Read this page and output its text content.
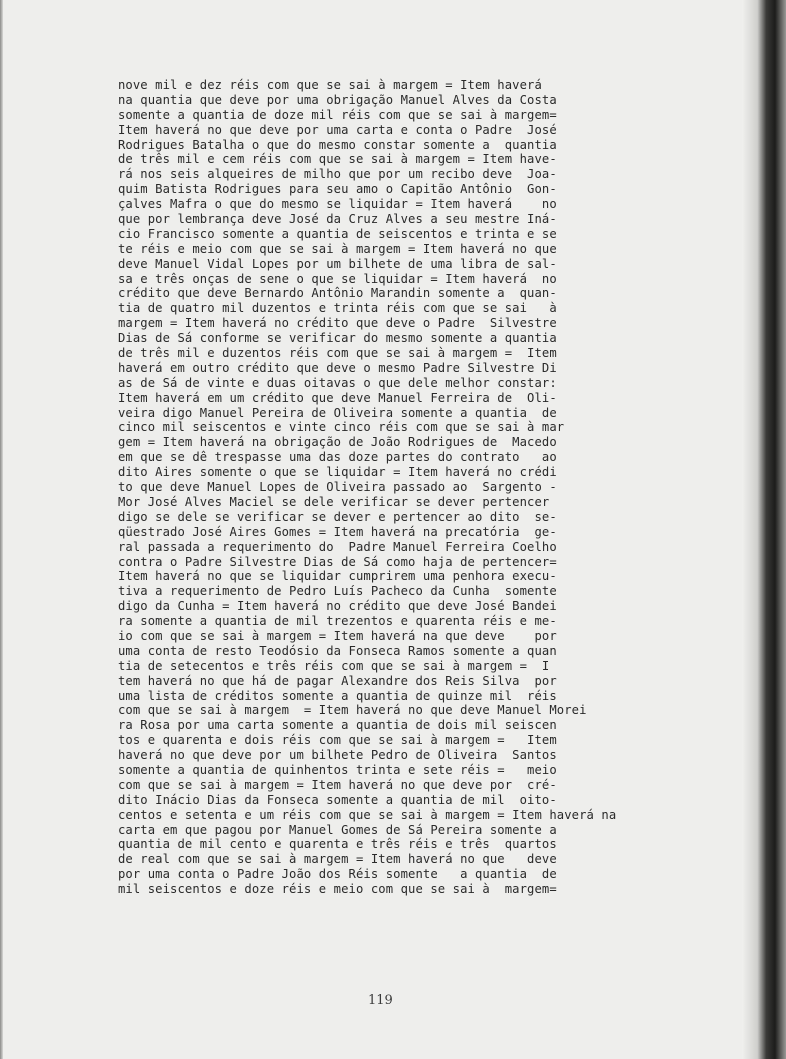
nove mil e dez réis com que se sai à margem = Item haverá
na quantia que deve por uma obrigação Manuel Alves da Costa
somente a quantia de doze mil réis com que se sai à margem=
Item haverá no que deve por uma carta e conta o Padre  José
Rodrigues Batalha o que do mesmo constar somente a  quantia
de três mil e cem réis com que se sai à margem = Item have-
rá nos seis alqueires de milho que por um recibo deve  Joa-
quim Batista Rodrigues para seu amo o Capitão Antônio  Gon-
çalves Mafra o que do mesmo se liquidar = Item haverá    no
que por lembrança deve José da Cruz Alves a seu mestre Iná-
cio Francisco somente a quantia de seiscentos e trinta e se
te réis e meio com que se sai à margem = Item haverá no que
deve Manuel Vidal Lopes por um bilhete de uma libra de sal-
sa e três onças de sene o que se liquidar = Item haverá  no
crédito que deve Bernardo Antônio Marandin somente a  quan-
tia de quatro mil duzentos e trinta réis com que se sai   à
margem = Item haverá no crédito que deve o Padre  Silvestre
Dias de Sá conforme se verificar do mesmo somente a quantia
de três mil e duzentos réis com que se sai à margem =  Item
haverá em outro crédito que deve o mesmo Padre Silvestre Di
as de Sá de vinte e duas oitavas o que dele melhor constar:
Item haverá em um crédito que deve Manuel Ferreira de  Oli-
veira digo Manuel Pereira de Oliveira somente a quantia  de
cinco mil seiscentos e vinte cinco réis com que se sai à mar
gem = Item haverá na obrigação de João Rodrigues de  Macedo
em que se dê trespasse uma das doze partes do contrato   ao
dito Aires somente o que se liquidar = Item haverá no crédi
to que deve Manuel Lopes de Oliveira passado ao  Sargento -
Mor José Alves Maciel se dele verificar se dever pertencer
digo se dele se verificar se dever e pertencer ao dito  se-
qüestrado José Aires Gomes = Item haverá na precatória  ge-
ral passada a requerimento do  Padre Manuel Ferreira Coelho
contra o Padre Silvestre Dias de Sá como haja de pertencer=
Item haverá no que se liquidar cumprirem uma penhora execu-
tiva a requerimento de Pedro Luís Pacheco da Cunha  somente
digo da Cunha = Item haverá no crédito que deve José Bandei
ra somente a quantia de mil trezentos e quarenta réis e me-
io com que se sai à margem = Item haverá na que deve    por
uma conta de resto Teodósio da Fonseca Ramos somente a quan
tia de setecentos e três réis com que se sai à margem =  I
tem haverá no que há de pagar Alexandre dos Reis Silva  por
uma lista de créditos somente a quantia de quinze mil  réis
com que se sai à margem  = Item haverá no que deve Manuel Morei
ra Rosa por uma carta somente a quantia de dois mil seiscen
tos e quarenta e dois réis com que se sai à margem =   Item
haverá no que deve por um bilhete Pedro de Oliveira  Santos
somente a quantia de quinhentos trinta e sete réis =   meio
com que se sai à margem = Item haverá no que deve por  cré-
dito Inácio Dias da Fonseca somente a quantia de mil  oito-
centos e setenta e um réis com que se sai à margem = Item haverá na
carta em que pagou por Manuel Gomes de Sá Pereira somente a
quantia de mil cento e quarenta e três réis e três  quartos
de real com que se sai à margem = Item haverá no que   deve
por uma conta o Padre João dos Réis somente   a quantia  de
mil seiscentos e doze réis e meio com que se sai à  margem=
119
